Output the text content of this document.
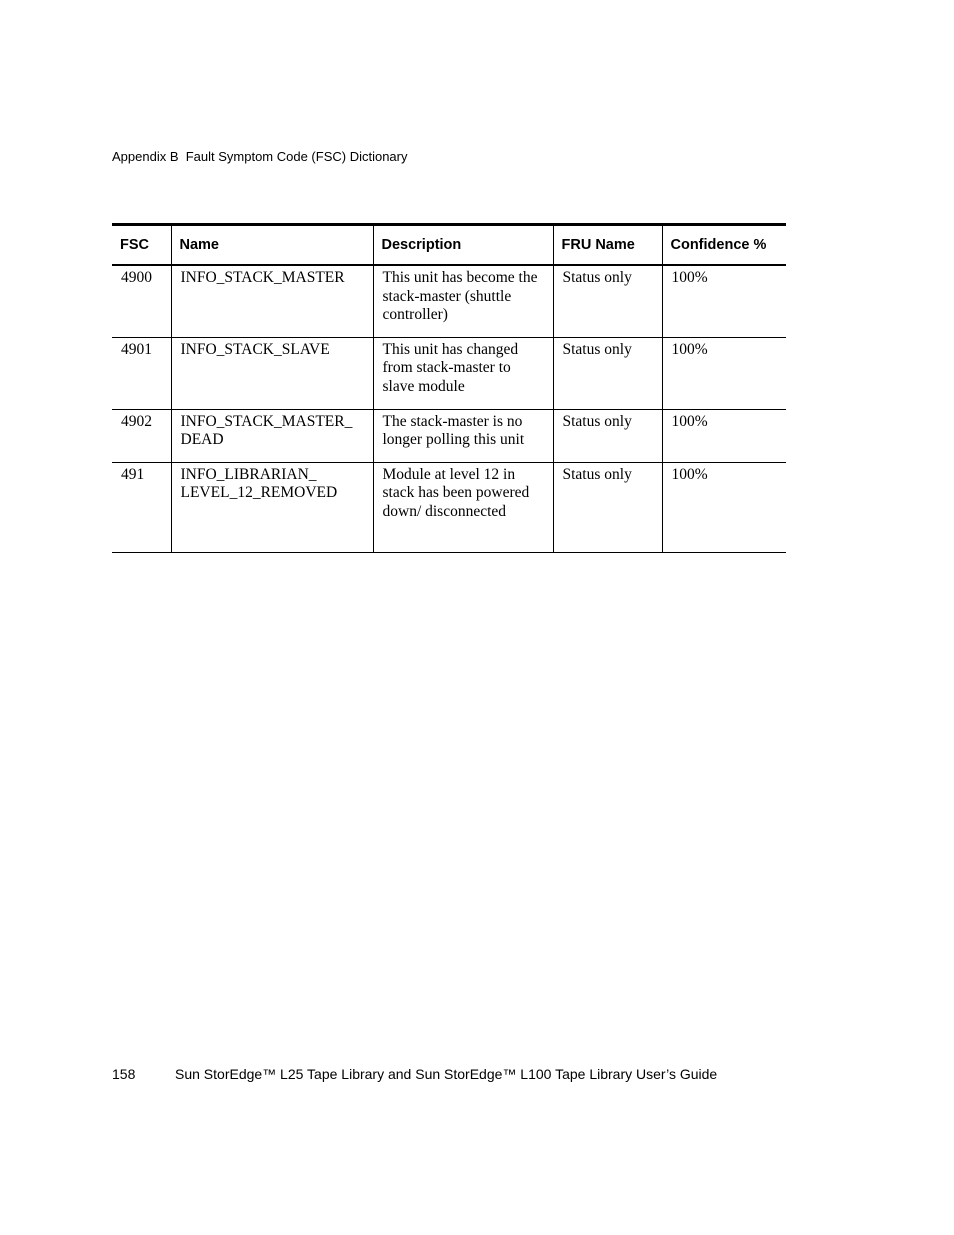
Appendix B  Fault Symptom Code (FSC) Dictionary
FSC	Name	Description	FRU Name	Confidence %
4900	INFO_STACK_MASTER	This unit has become the stack-master (shuttle controller)	Status only	100%
4901	INFO_STACK_SLAVE	This unit has changed from stack-master to slave module	Status only	100%
4902	INFO_STACK_MASTER_ DEAD	The stack-master is no longer polling this unit	Status only	100%
491	INFO_LIBRARIAN_ LEVEL_12_REMOVED	Module at level 12 in stack has been powered down/ disconnected	Status only	100%
158	Sun StorEdge™ L25 Tape Library and Sun StorEdge™ L100 Tape Library User’s Guide
